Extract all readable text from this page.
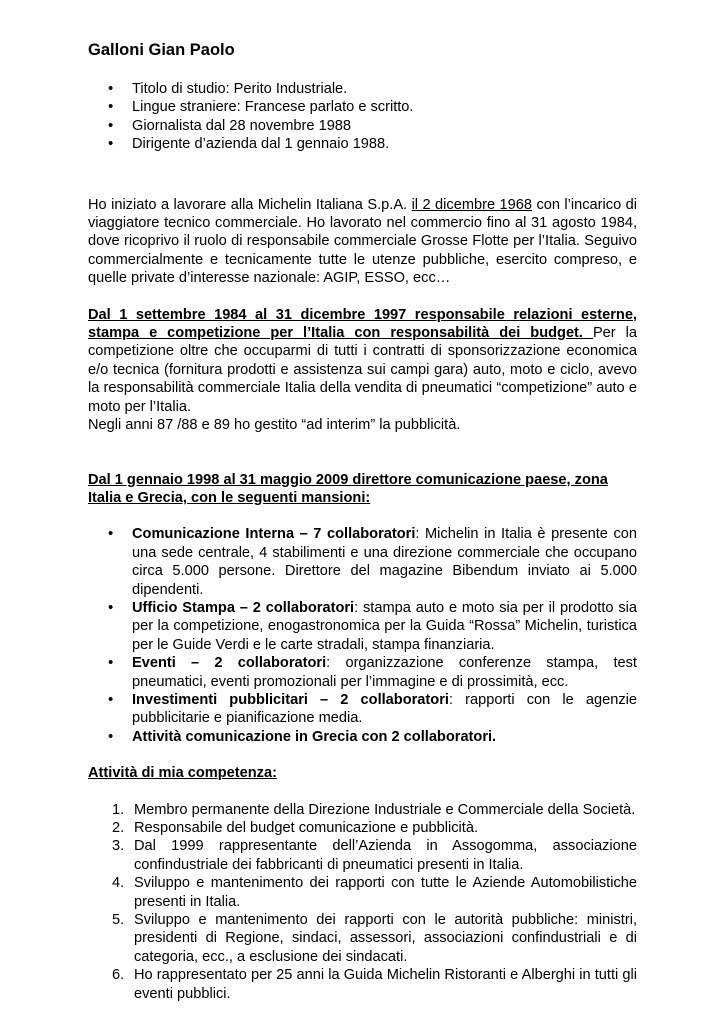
Galloni Gian Paolo
• Titolo di studio: Perito Industriale.
• Lingue straniere: Francese parlato e scritto.
• Giornalista dal 28 novembre 1988
• Dirigente d’azienda dal 1 gennaio 1988.

Ho iniziato a lavorare alla Michelin Italiana S.p.A. il 2 dicembre 1968 con l’incarico di viaggiatore tecnico commerciale. Ho lavorato nel commercio fino al 31 agosto 1984, dove ricoprivo il ruolo di responsabile commerciale Grosse Flotte per l’Italia. Seguivo commercialmente e tecnicamente tutte le utenze pubbliche, esercito compreso, e quelle private d’interesse nazionale: AGIP, ESSO, ecc…

Dal 1 settembre 1984 al 31 dicembre 1997 responsabile relazioni esterne, stampa e competizione per l’Italia con responsabilità dei budget. Per la competizione oltre che occuparmi di tutti i contratti di sponsorizzazione economica e/o tecnica (fornitura prodotti e assistenza sui campi gara) auto, moto e ciclo, avevo la responsabilità commerciale Italia della vendita di pneumatici “competizione” auto e moto per l’Italia.

Negli anni 87 /88 e 89 ho gestito “ad interim” la pubblicità.

Dal 1 gennaio 1998 al 31 maggio 2009 direttore comunicazione paese, zona Italia e Grecia, con le seguenti mansioni:

• Comunicazione Interna – 7 collaboratori: Michelin in Italia è presente con una sede centrale, 4 stabilimenti e una direzione commerciale che occupano circa 5.000 persone. Direttore del magazine Bibendum inviato ai 5.000 dipendenti.
• Ufficio Stampa – 2 collaboratori: stampa auto e moto sia per il prodotto sia per la competizione, enogastronomica per la Guida “Rossa” Michelin, turistica per le Guide Verdi e le carte stradali, stampa finanziaria.
• Eventi – 2 collaboratori: organizzazione conferenze stampa, test pneumatici, eventi promozionali per l’immagine e di prossimità, ecc.
• Investimenti pubblicitari – 2 collaboratori: rapporti con le agenzie pubblicitarie e pianificazione media.
• Attività comunicazione in Grecia con 2 collaboratori.

Attività di mia competenza:

1. Membro permanente della Direzione Industriale e Commerciale della Società.
2. Responsabile del budget comunicazione e pubblicità.
3. Dal 1999 rappresentante dell’Azienda in Assogomma, associazione confindustriale dei fabbricanti di pneumatici presenti in Italia.
4. Sviluppo e mantenimento dei rapporti con tutte le Aziende Automobilistiche presenti in Italia.
5. Sviluppo e mantenimento dei rapporti con le autorità pubbliche: ministri, presidenti di Regione, sindaci, assessori, associazioni confindustriali e di categoria, ecc., a esclusione dei sindacati.
6. Ho rappresentato per 25 anni la Guida Michelin Ristoranti e Alberghi in tutti gli eventi pubblici.
